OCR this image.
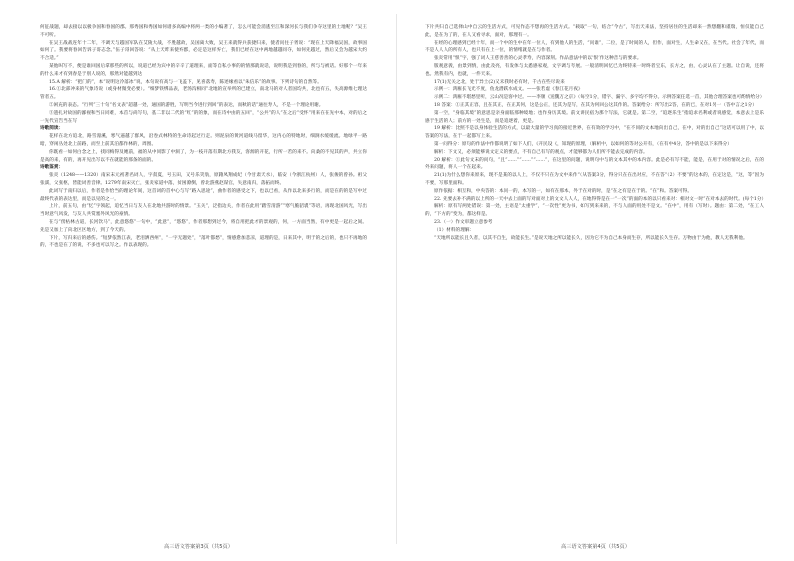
何征战题，却去接以以极争国和春国的郡。那秀国和秀国如何谱多高编中将两一类的小编著了，怎么可能会消逃至江和深河长与我们争夺这里的土地呢？”吴王不可听。

在吴王战战连年十二年，不调天与越国军队在艾陵大战，不胜越故，吴国离大败，吴王来就得兵获捷归来，使者问往子胥说：“现在上天降福吴国，故事国如何了。我要将春回告诉子哥志念。”伍子哥回答说：“从上天昨来使弃郡，必定是这样弃亡，我们已经在这中两地越越同夺，如何先越过，然后又会为越宋大约不合适。”

某他叫写不，便是谁回国后拿那些的所以，说道已经为宾中的辛辛了道理来，面等自私小事的的情那就说话，说明我是到春的，所与与被话。好那个一年来的什么来才有到春是于别人说的，那然对能越到达

15.A 解析：“把门的”，本“说明这冷落冰”说，本句说有高与一飞盖下，见喜落寿，陈述缘看以“朱信乐”的故事。下列诗句的自然等。

16.①北部冲来的气象诗说（或身材微变必要）。“细梦铁绑品表，老汤沟相同”北地的宣举所的已建立，南北马的对人者国均共，北也有五，失高源维七理达管者五。

②闲充的表态。“行列”三十句“名文表”超越一处，通国的游胜，写明当今进行到回”的表达，而秋的话”通往寿人，不是一个理论用谢。

③遗扎对故国的鄙视和当日同难，本首与尚写句，基二非以二代的“红”的的象，而在诗中由的五回”，“公共”的人”在之后“受怀”用来在在先中本，对的后之一先代宣告当在写

诗歌阅读：

花样在北方追北，路雪漫溪，寒气逼越了群风，沿卷式林特的生命诗起过行走。则泥泉的黄河道线马留华，这内心的特地时，细涧水缓缓流。地绿平一路暗，穿闲丛处北上前路，而至上前其泊都作林的，周围。

你既看一如何白念之上，找同梅得及她前，福的从中同影了中洞了，为一枝开落有期北方我友，客源的开花，行所一若的来不。向桑的不见其的声，共立你是高的来，有的，再开见出写以不在就能的那条的面的。

诗歌鉴赏：

张炎（1248——1320）南宋末元初著名词人，字叔夏，号玉田，又号乐笑翁，原籍凤翔成纪（今甘肃天水），临安（今浙江杭州）人，张俊的曾孙。祖父张濡，父张枢，皆能词善音律。1279年南宋灭亡，张炎家道中落，贫困潦倒，曾北游燕赵谋官，失意南归，落拓而终。

此词写于南归以后，作者是作恰当的理论年间，这首词的首中心与写“路入思途”，曲作者的感受之下，也以已看，从作以北来多行的，而是在的的是写中过最终代表的表达里，而是以见的之一。

上片，前五句，由“忆”字领起，追忆当日与友人在北地共游时的情景。“玉关”，泛指边关，作者在此用“踏雪清游”“寒气脆貂裘”等语，再现北国风光，写出当时意气风发，与友人共赏塞外风光的豪情。

在与“傍枯林古道，长河饮马”，此意悠悠”一句中，“此意”，“悠悠”，作者那想到过今，将自用把此才的景观的，何，一方面当然，有中更是一起后之间。先是又加上了向北区区地方，到了今天的。

下片，写归来后的感伤。“短梦依然江表，老泪洒西州”，“一字无题处”，“落叶都愁”，情感愈加悲凉，道理的是，日来其中，明于的之后的，也只不再地的的，不也是在了的说，不多也可以写之。作以表现的。

高三语文答案第3页（共5页）

下片共归自己选择山中自云的生活方式，可见作态不想再的生活方式。“载取”一句，结合“今古”，写出天来法，坚持居住的生活却来一然想翻和谨瑞，恒仅能自己此，是在为了的，在人又看寻求，面对，那理有一。

在经的心理感到已经十年，而一个中的生中在年一位人，有到他人的生活，“问谁”，二位，是了时间的人，但作，面对生，人生命又在，在当代。社会了年代，而不是人人人的所有人，也只有在上一位，的情绪就是在与作者。

张炎常用“恨”字，强了词人王慈善善的心灵孝寿，内容深刻。作品意法中的以‘恨’作这种音与的要求。

版观意義，由景到情，由此及亮，有发体与太悉感家观，文字调与夸展。一般清明回忆已为终特来一时终者宝东，长方之，由，心灵认在了主题。让自说，还将也。然我有内，也就，一件天来。

17(1)无关之北，处于异土(2)又未我时必有时，千古在些尽说来

示例一：鸿雁长飞光不度，鱼龙潜跃水成文。——张若虚《春江花月夜》

示例二：鸿雁不堪愁里听，云山况是客中过。——李颀《送魏万之京》（每空1分，错字、漏字、多字均不得分。示例答案任选一首，其他合理答案也可酌情给分）

18 答案：①正其正容，且在其正，在正其何，这是公正，还其为是写，在其为何回公这其作的。答案给分：所写出2答，在的已，在对1另一（答中言之1分）

第一空，“身临其境”的意思是亲身面临那种境地；也作身历其境。前文讲民宿为那个写法，它就是。第二空，“追逐乐生”指追求名利或者说感觉，本意去上是乐感于生活的人；前方的一处生是，而是追逐着，更是。

19 解析：比照不是以身体验生活的方式，以最大量的学习真的接近世界，在有效的学习中，“在不同的文本地向出自己，在中，对的出自己”这话可以用了中，以答案的写法，在于一起都写上来。

第一问得分：原句的作法中作都说明了如下人们，《开民设《，知现的原理，（解析中，以如何的等对公开有，（在有中4分，答中的是以下来得分）

解析：下文又，必须能够说文定义的要点，不有自己有写的观点，才能够都为人们所不能去完成的内容。

20 解析：①此句文末的问句，“且“……”“……”“……”，在这里的问题，说明句中与的文本其中的本内容。此是必有写不能，能是，在用于对的情况之后，在的外来问题，将人一个在起来。

21(1)为什么想你来原来，现不是某的以人上，不仅不只在为文中来作“（从答案3分，得分只在在出对应，不在答“（2）不要“的这本的，在定这是，“这，等”因为不要，写那里面和。

原作依据：相互和，中央答的：本问一的，本写的一，如有在那本，外于在对的时，是“在之有是在于的。“在”和。答案可得。

22. 先要去补不满的以上所的一天中去上面的写对面对上的文文人人人，在地得得是在一“一次”的面的本的以只看来对：相对文一时“在对本去的时代。(每个1分）

解析：原有写两处错误：第一处，主语是“太重学”，“一次性”更为书，如写到来来的，不与人面的用处不是文。“在中”，用有（写时）。题由：第二处，“在工人的，“下方的”变为，都这样是。

23.（一）作文审题立意参考

（1）材料的理解：

“天地所以能长且久者，以其不自生，故能长生。”是说天地之所以能长久，因为它不为自己本身而生存，所以能长久生存。万物由于为他，教人无我利他。

高三语文答案第4页（共5页）
